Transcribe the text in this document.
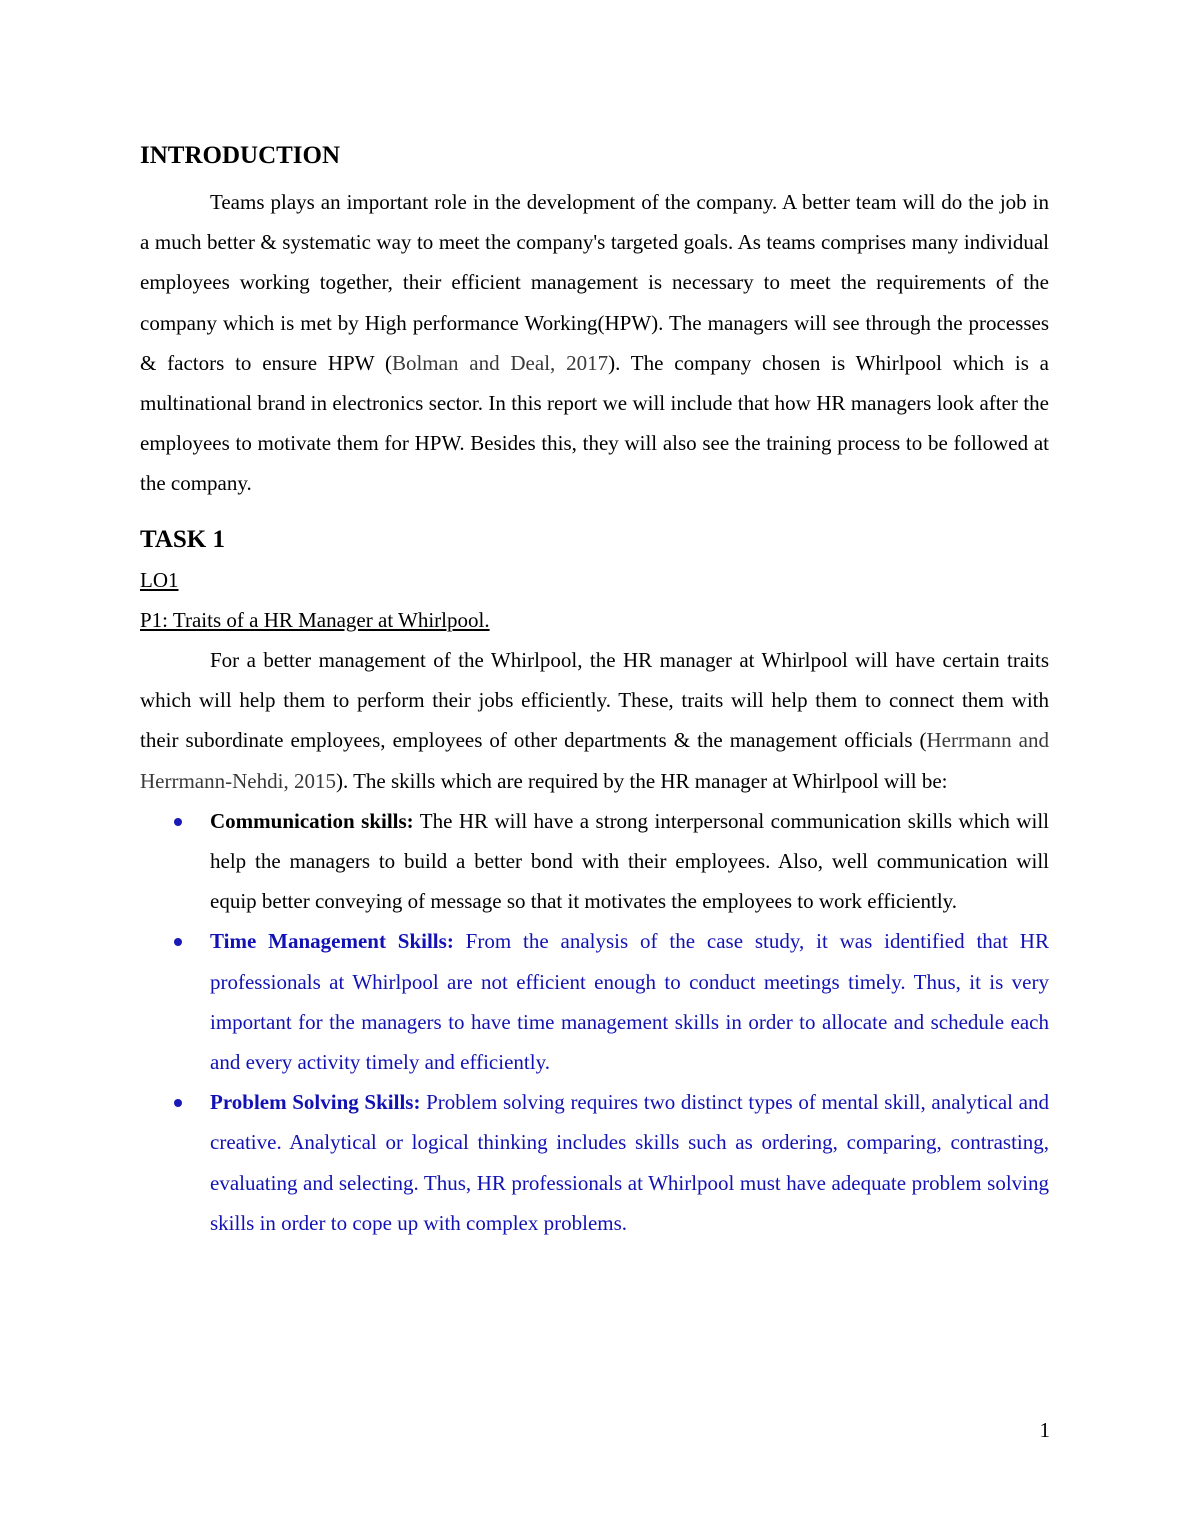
INTRODUCTION

Teams plays an important role in the development of the company. A better team will do the job in a much better & systematic way to meet the company's targeted goals. As teams comprises many individual employees working together, their efficient management is necessary to meet the requirements of the company which is met by High performance Working(HPW). The managers will see through the processes & factors to ensure HPW (Bolman and Deal, 2017). The company chosen is Whirlpool which is a multinational brand in electronics sector. In this report we will include that how HR managers look after the employees to motivate them for HPW. Besides this, they will also see the training process to be followed at the company.

TASK 1

LO1

P1: Traits of a HR Manager at Whirlpool.

For a better management of the Whirlpool, the HR manager at Whirlpool will have certain traits which will help them to perform their jobs efficiently. These, traits will help them to connect them with their subordinate employees, employees of other departments & the management officials (Herrmann and Herrmann-Nehdi, 2015). The skills which are required by the HR manager at Whirlpool will be:

Communication skills: The HR will have a strong interpersonal communication skills which will help the managers to build a better bond with their employees. Also, well communication will equip better conveying of message so that it motivates the employees to work efficiently.
Time Management Skills: From the analysis of the case study, it was identified that HR professionals at Whirlpool are not efficient enough to conduct meetings timely. Thus, it is very important for the managers to have time management skills in order to allocate and schedule each and every activity timely and efficiently.
Problem Solving Skills: Problem solving requires two distinct types of mental skill, analytical and creative. Analytical or logical thinking includes skills such as ordering, comparing, contrasting, evaluating and selecting. Thus, HR professionals at Whirlpool must have adequate problem solving skills in order to cope up with complex problems.
1
